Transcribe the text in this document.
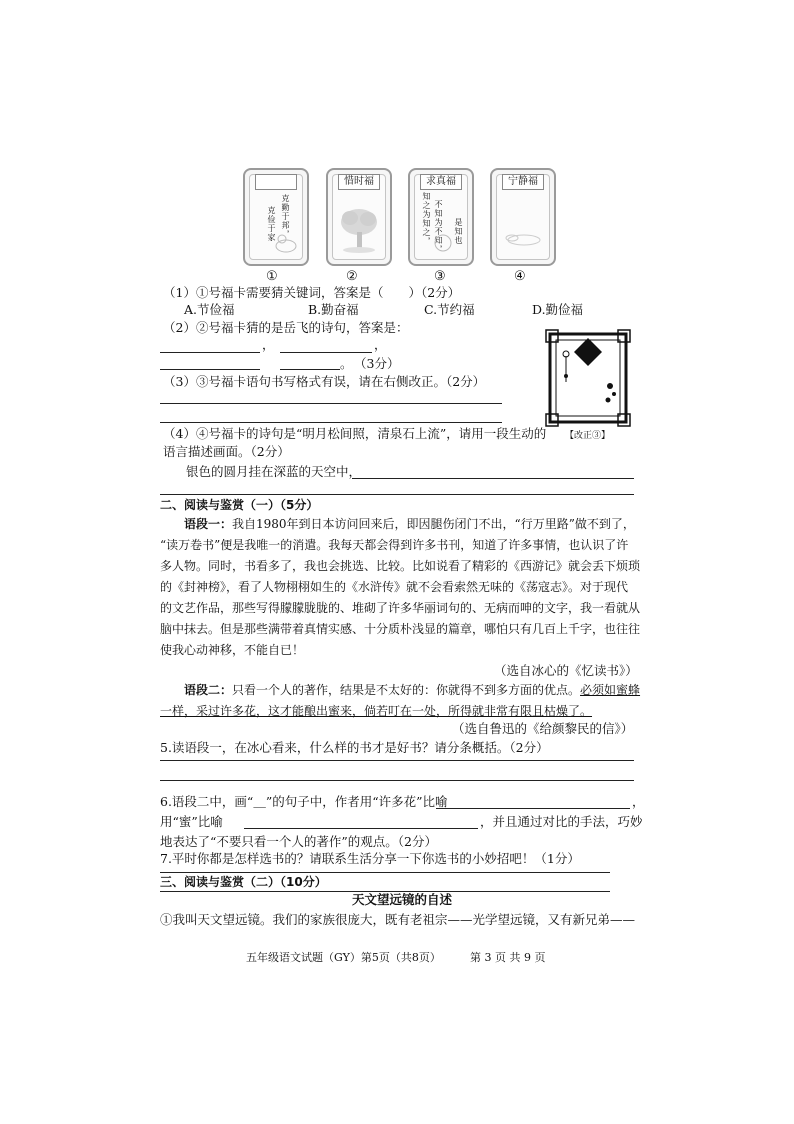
克勤于邦，
克俭于家
①
惜时福
②
求真福
知之为知之， 不知为不知， 是知也
③
宁静福
④
（1）①号福卡需要猜关键词，答案是（　　）（2分）
A.节俭福	B.勤奋福	C.节约福	D.勤俭福
（2）②号福卡猜的是岳飞的诗句，答案是：
，	，
。 （3分）
（3）③号福卡语句书写格式有误，请在右侧改正。（2分）
【改正③】
（4）④号福卡的诗句是“明月松间照，清泉石上流”，请用一段生动的
语言描述画面。（2分）
银色的圆月挂在深蓝的天空中，
二、阅读与鉴赏（一）（5分）
语段一：我自1980年到日本访问回来后，即因腿伤闭门不出，“行万里路”做不到了，
“读万卷书”便是我唯一的消遣。我每天都会得到许多书刊，知道了许多事情，也认识了许
多人物。同时，书看多了，我也会挑选、比较。比如说看了精彩的《西游记》就会丢下烦琐
的《封神榜》，看了人物栩栩如生的《水浒传》就不会看索然无味的《荡寇志》。对于现代
的文艺作品，那些写得朦朦胧胧的、堆砌了许多华丽词句的、无病而呻的文字，我一看就从
脑中抹去。但是那些满带着真情实感、十分质朴浅显的篇章，哪怕只有几百上千字，也往往
使我心动神移，不能自已！
（选自冰心的《忆读书》）
语段二：只看一个人的著作，结果是不太好的：你就得不到多方面的优点。必须如蜜蜂
一样，采过许多花，这才能酿出蜜来，倘若叮在一处，所得就非常有限且枯燥了。
（选自鲁迅的《给颜黎民的信》）
5.读语段一，在冰心看来，什么样的书才是好书？请分条概括。（2分）
6.语段二中，画“＿”的句子中，作者用“许多花”比喻	，
用“蜜”比喻	，并且通过对比的手法，巧妙
地表达了“不要只看一个人的著作”的观点。（2分）
7.平时你都是怎样选书的？请联系生活分享一下你选书的小妙招吧！（1分）
三、阅读与鉴赏（二）（10分）
天文望远镜的自述
①我叫天文望远镜。我们的家族很庞大，既有老祖宗——光学望远镜，又有新兄弟——
五年级语文试题（GY）第5页（共8页）	第 3 页 共 9 页
